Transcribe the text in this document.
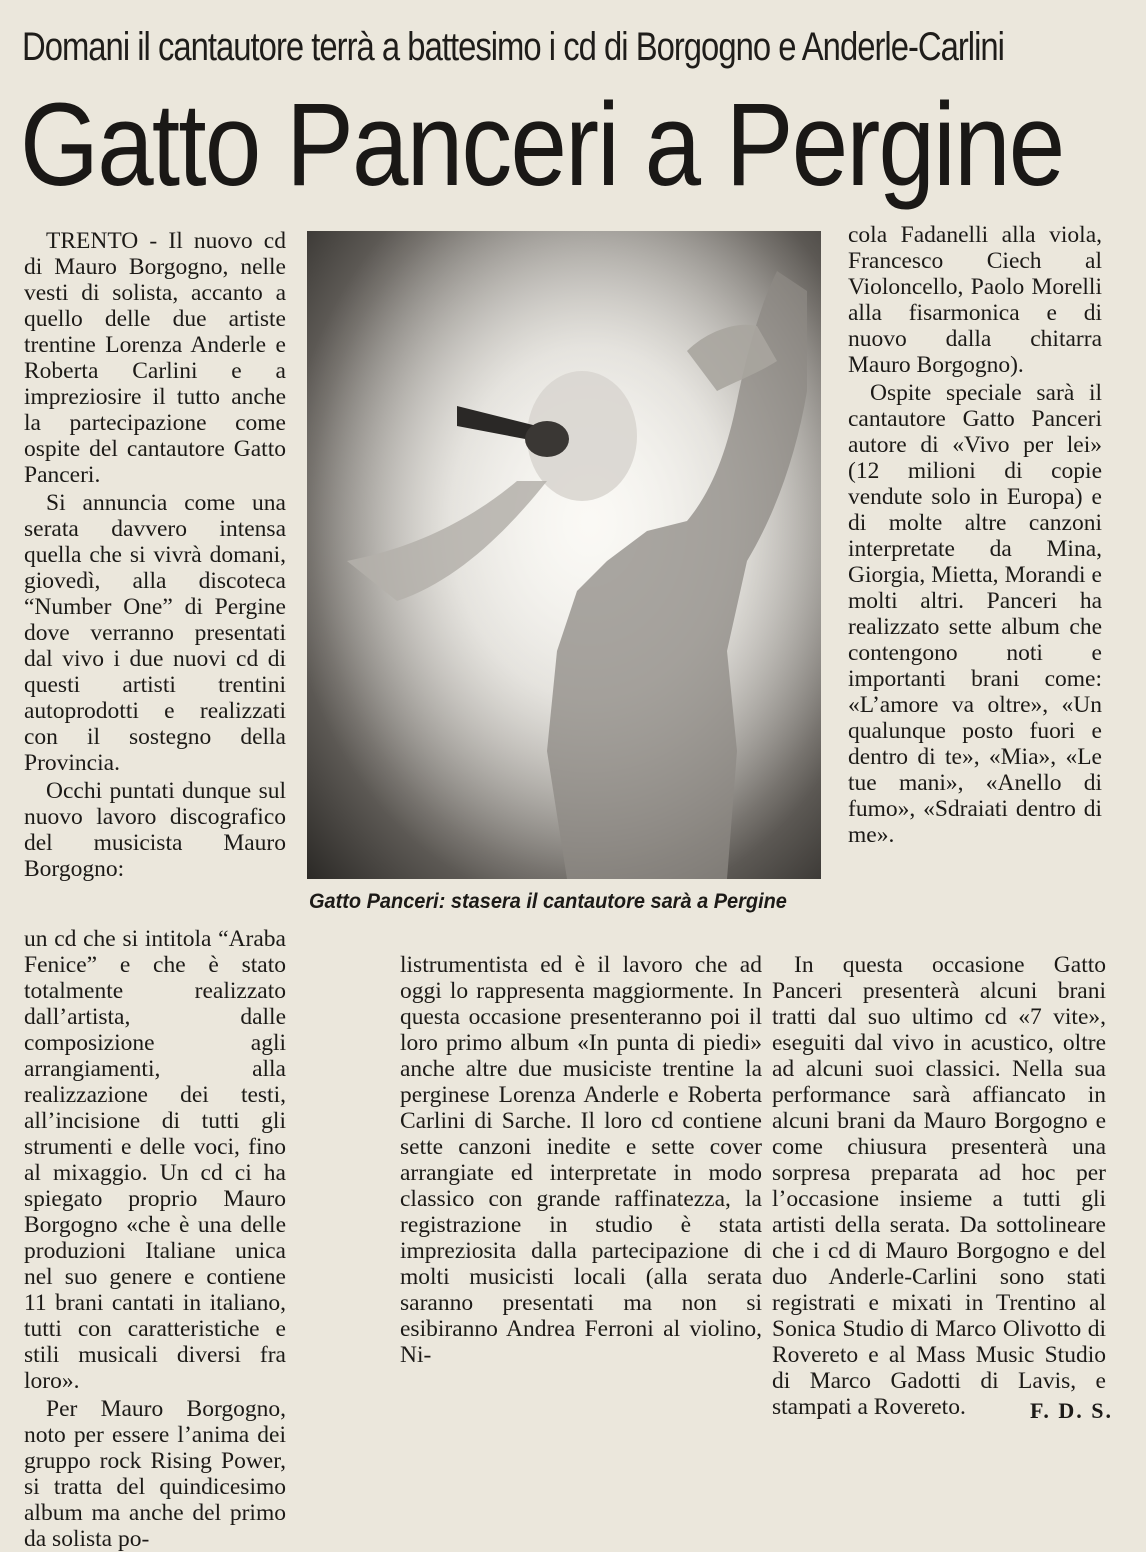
Domani il cantautore terrà a battesimo i cd di Borgogno e Anderle-Carlini
Gatto Panceri a Pergine

TRENTO - Il nuovo cd di Mauro Borgogno, nelle vesti di solista, accanto a quello delle due artiste trentine Lorenza Anderle e Roberta Carlini e a impreziosire il tutto anche la partecipazione come ospite del cantautore Gatto Panceri.

Si annuncia come una serata davvero intensa quella che si vivrà domani, giovedì, alla discoteca “Number One” di Pergine dove verranno presentati dal vivo i due nuovi cd di questi artisti trentini autoprodotti e realizzati con il sostegno della Provincia.

Occhi puntati dunque sul nuovo lavoro discografico del musicista Mauro Borgogno:

Gatto Panceri: stasera il cantautore sarà a Pergine

un cd che si intitola “Araba Fenice” e che è stato totalmente realizzato dall’artista, dalle composizione agli arrangiamenti, alla realizzazione dei testi, all’incisione di tutti gli strumenti e delle voci, fino al mixaggio. Un cd ci ha spiegato proprio Mauro Borgogno «che è una delle produzioni Italiane unica nel suo genere e contiene 11 brani cantati in italiano, tutti con caratteristiche e stili musicali diversi fra loro».

Per Mauro Borgogno, noto per essere l’anima dei gruppo rock Rising Power, si tratta del quindicesimo album ma anche del primo da solista po-

listrumentista ed è il lavoro che ad oggi lo rappresenta maggiormente. In questa occasione presenteranno poi il loro primo album «In punta di piedi» anche altre due musiciste trentine la perginese Lorenza Anderle e Roberta Carlini di Sarche. Il loro cd contiene sette canzoni inedite e sette cover arrangiate ed interpretate in modo classico con grande raffinatezza, la registrazione in studio è stata impreziosita dalla partecipazione di molti musicisti locali (alla serata saranno presentati ma non si esibiranno Andrea Ferroni al violino, Ni-

cola Fadanelli alla viola, Francesco Ciech al Violoncello, Paolo Morelli alla fisarmonica e di nuovo dalla chitarra Mauro Borgogno).

Ospite speciale sarà il cantautore Gatto Panceri autore di «Vivo per lei» (12 milioni di copie vendute solo in Europa) e di molte altre canzoni interpretate da Mina, Giorgia, Mietta, Morandi e molti altri. Panceri ha realizzato sette album che contengono noti e importanti brani come: «L’amore va oltre», «Un qualunque posto fuori e dentro di te», «Mia», «Le tue mani», «Anello di fumo», «Sdraiati dentro di me».

In questa occasione Gatto Panceri presenterà alcuni brani tratti dal suo ultimo cd «7 vite», eseguiti dal vivo in acustico, oltre ad alcuni suoi classici. Nella sua performance sarà affiancato in alcuni brani da Mauro Borgogno e come chiusura presenterà una sorpresa preparata ad hoc per l’occasione insieme a tutti gli artisti della serata. Da sottolineare che i cd di Mauro Borgogno e del duo Anderle-Carlini sono stati registrati e mixati in Trentino al Sonica Studio di Marco Olivotto di Rovereto e al Mass Music Studio di Marco Gadotti di Lavis, e stampati a Rovereto.	F. D. S.
